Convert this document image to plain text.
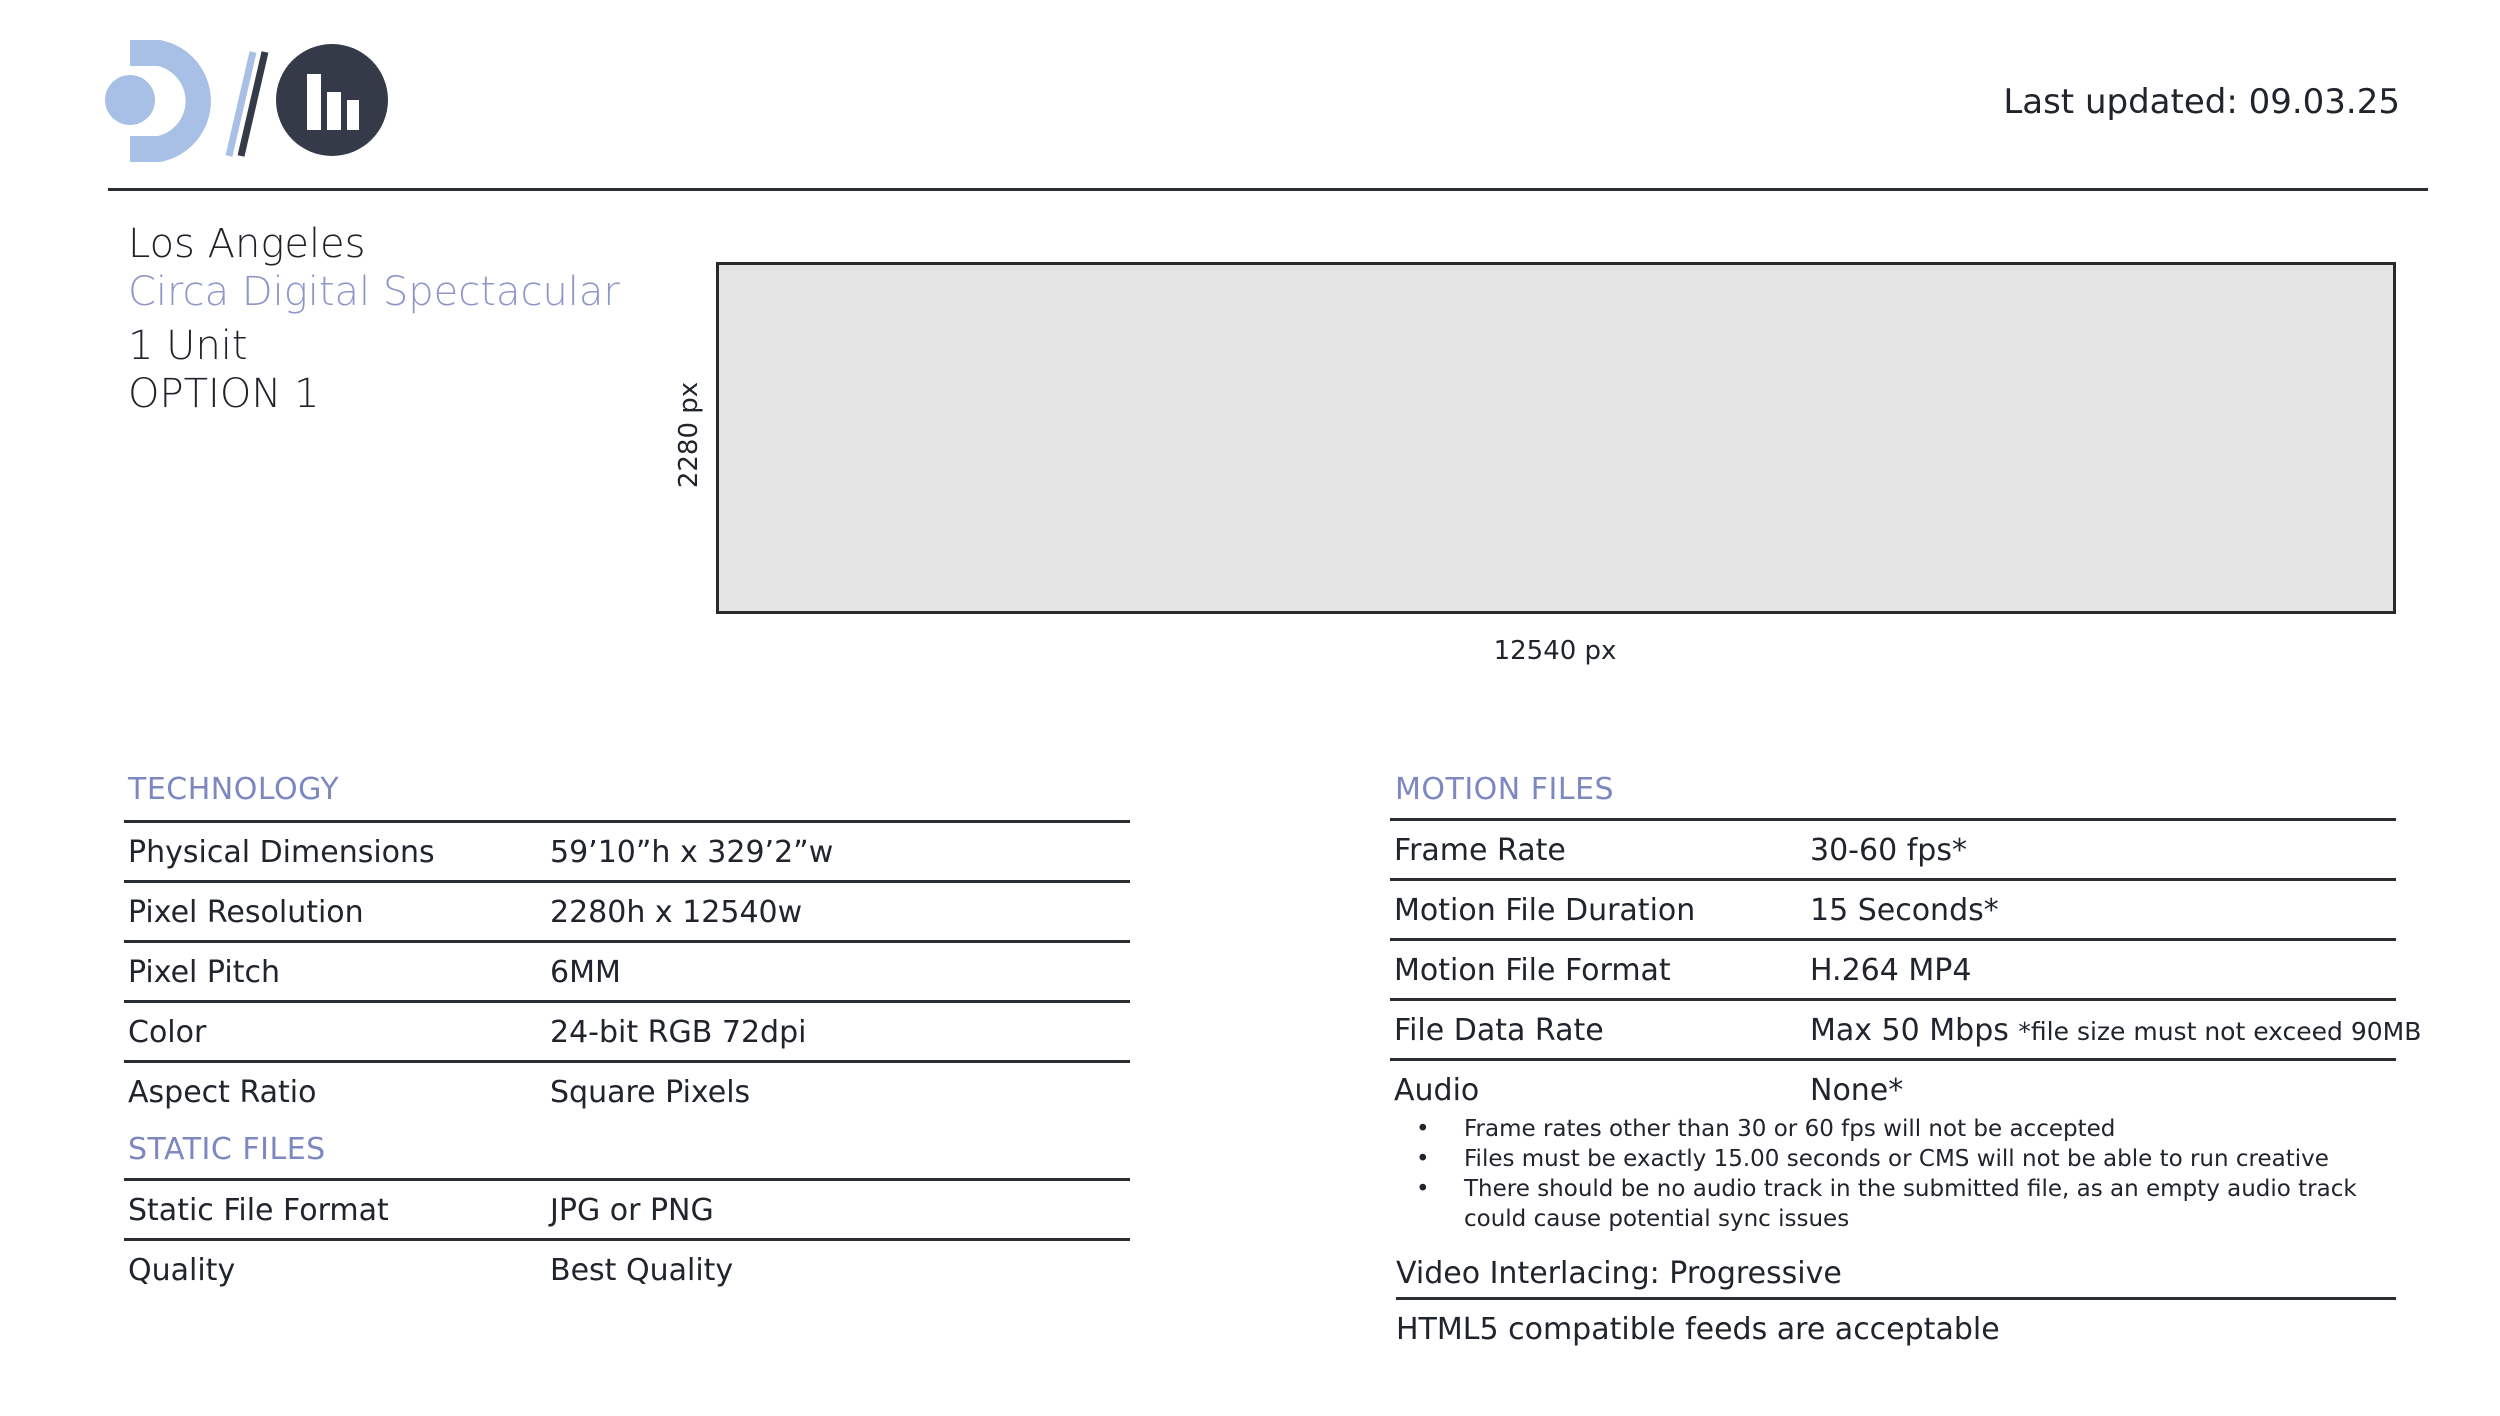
Last updated: 09.03.25
Los Angeles
Circa Digital Spectacular
1 Unit
OPTION 1	2280 px
12540 px
TECHNOLOGY
Physical Dimensions	59’10”h x 329’2”w
Pixel Resolution	2280h x 12540w
Pixel Pitch	6MM
Color	24-bit RGB 72dpi
Aspect Ratio	Square Pixels
STATIC FILES
Static File Format	JPG or PNG
Quality	Best Quality
MOTION FILES
Frame Rate	30-60 fps*
Motion File Duration	15 Seconds*
Motion File Format	H.264 MP4
File Data Rate	Max 50 Mbps *file size must not exceed 90MB
Audio	None*
• Frame rates other than 30 or 60 fps will not be accepted
• Files must be exactly 15.00 seconds or CMS will not be able to run creative
• There should be no audio track in the submitted file, as an empty audio track could cause potential sync issues
Video Interlacing: Progressive
HTML5 compatible feeds are acceptable
